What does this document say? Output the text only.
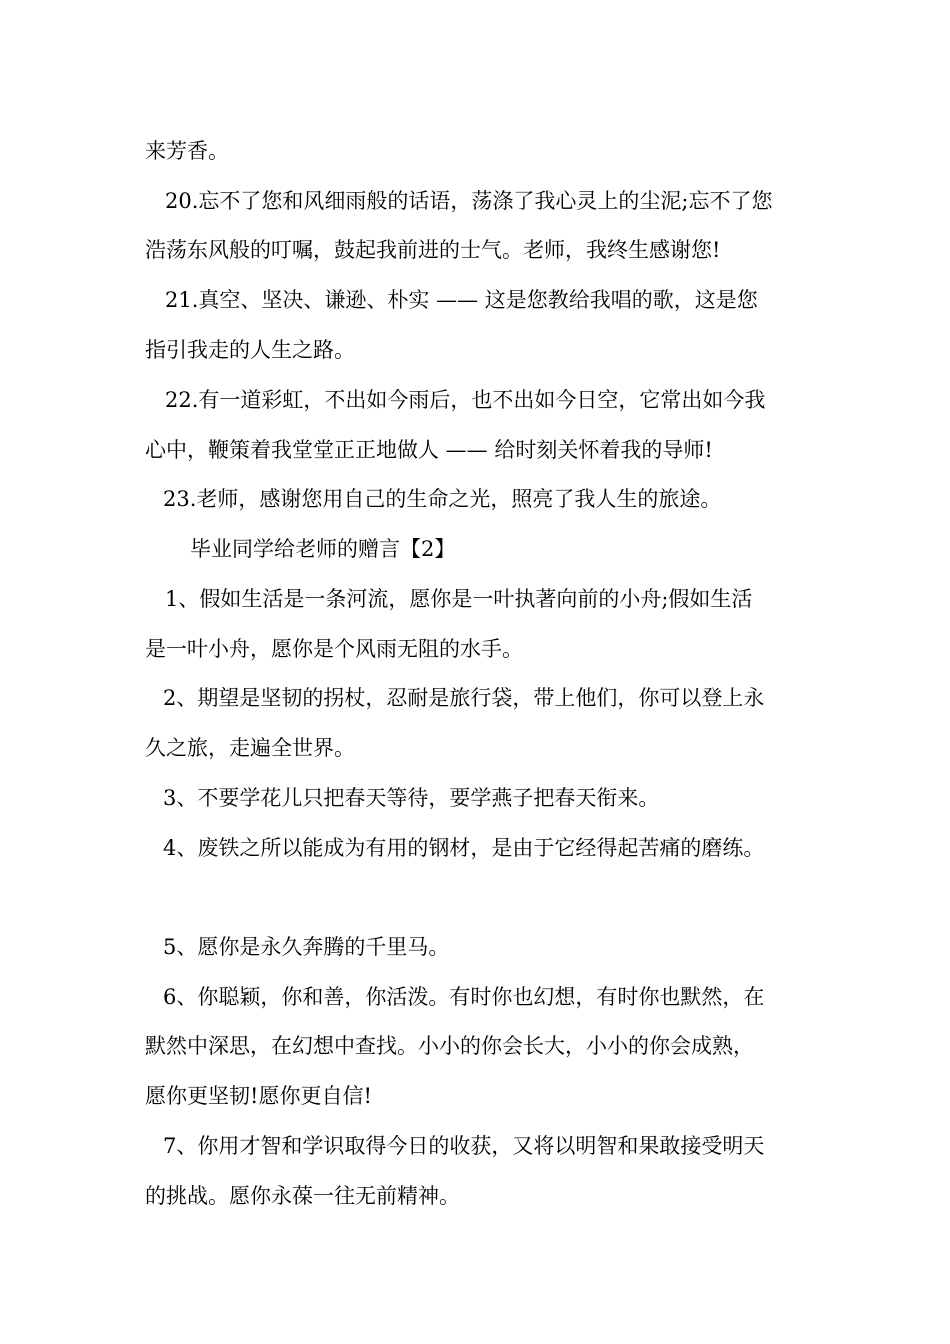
来芳香。
20.忘不了您和风细雨般的话语，荡涤了我心灵上的尘泥;忘不了您
浩荡东风般的叮嘱，鼓起我前进的士气。老师，我终生感谢您!
21.真空、坚决、谦逊、朴实 —— 这是您教给我唱的歌，这是您
指引我走的人生之路。
22.有一道彩虹，不出如今雨后，也不出如今日空，它常出如今我
心中，鞭策着我堂堂正正地做人 —— 给时刻关怀着我的导师!
23.老师，感谢您用自己的生命之光，照亮了我人生的旅途。
毕业同学给老师的赠言【2】
1、假如生活是一条河流，愿你是一叶执著向前的小舟;假如生活
是一叶小舟，愿你是个风雨无阻的水手。
2、期望是坚韧的拐杖，忍耐是旅行袋，带上他们，你可以登上永
久之旅，走遍全世界。
3、不要学花儿只把春天等待，要学燕子把春天衔来。
4、废铁之所以能成为有用的钢材，是由于它经得起苦痛的磨练。
5、愿你是永久奔腾的千里马。
6、你聪颖，你和善，你活泼。有时你也幻想，有时你也默然，在
默然中深思，在幻想中查找。小小的你会长大，小小的你会成熟，
愿你更坚韧!愿你更自信!
7、你用才智和学识取得今日的收获，又将以明智和果敢接受明天
的挑战。愿你永葆一往无前精神。
